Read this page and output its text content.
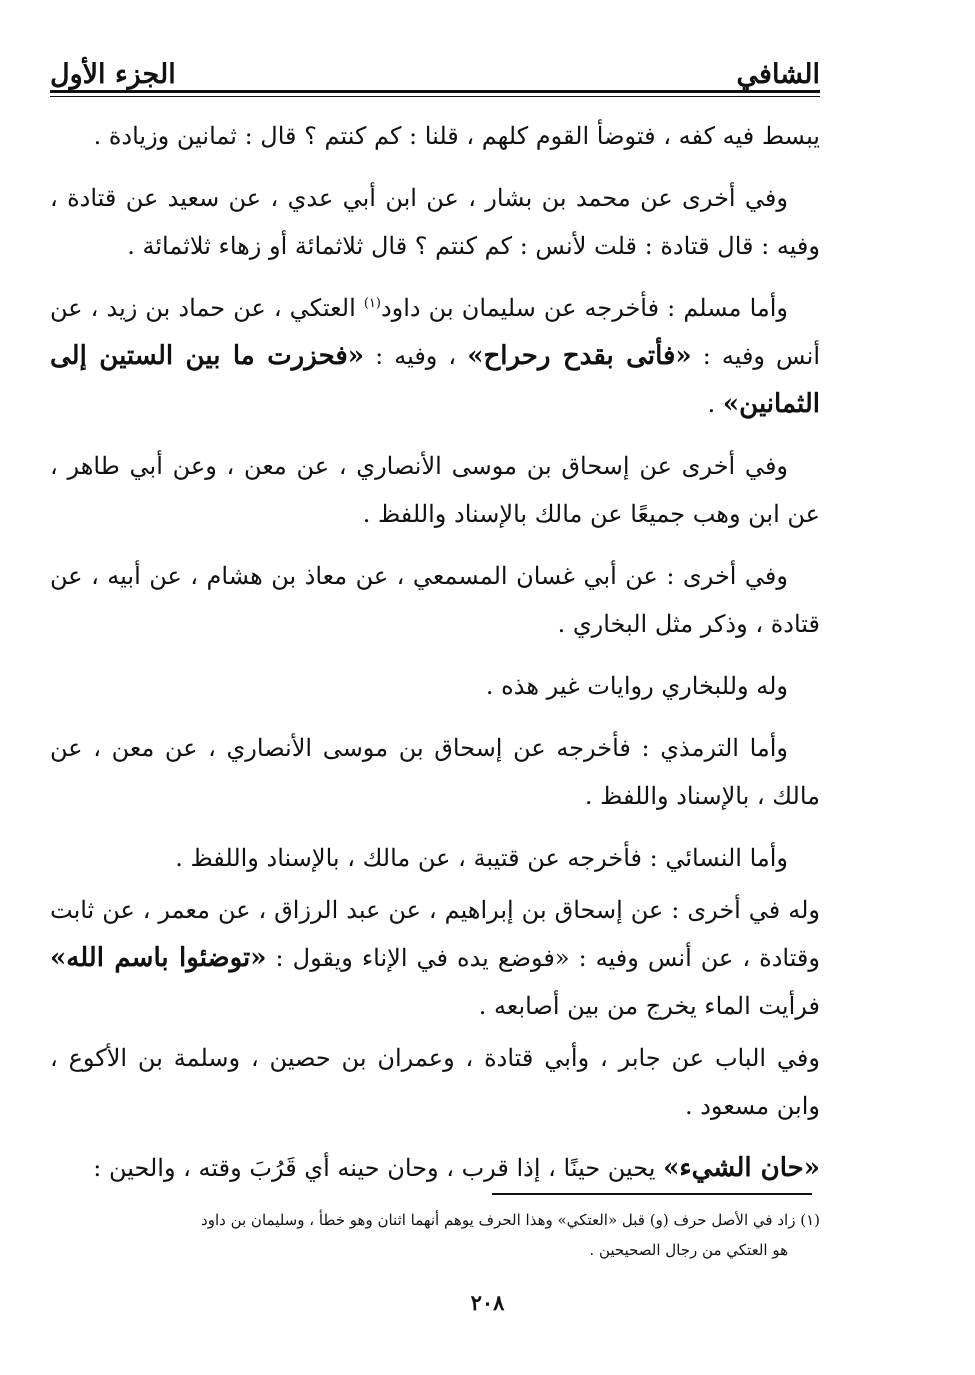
الشافي
الجزء الأول

يبسط فيه كفه ، فتوضأ القوم كلهم ، قلنا : كم كنتم ؟ قال : ثمانين وزيادة .

وفي أخرى عن محمد بن بشار ، عن ابن أبي عدي ، عن سعيد عن قتادة ، وفيه : قال قتادة : قلت لأنس : كم كنتم ؟ قال ثلاثمائة أو زهاء ثلاثمائة .

وأما مسلم : فأخرجه عن سليمان بن داود$^{(١)}$ العتكي ، عن حماد بن زيد ، عن أنس وفيه : «فأتى بقدح رحراح» ، وفيه : «فحزرت ما بين الستين إلى الثمانين» .

وفي أخرى عن إسحاق بن موسى الأنصاري ، عن معن ، وعن أبي طاهر ، عن ابن وهب جميعًا عن مالك بالإسناد واللفظ .

وفي أخرى : عن أبي غسان المسمعي ، عن معاذ بن هشام ، عن أبيه ، عن قتادة ، وذكر مثل البخاري .

وله وللبخاري روايات غير هذه .

وأما الترمذي : فأخرجه عن إسحاق بن موسى الأنصاري ، عن معن ، عن مالك ، بالإسناد واللفظ .

وأما النسائي : فأخرجه عن قتيبة ، عن مالك ، بالإسناد واللفظ .

وله في أخرى : عن إسحاق بن إبراهيم ، عن عبد الرزاق ، عن معمر ، عن ثابت وقتادة ، عن أنس وفيه : «فوضع يده في الإناء ويقول : «توضئوا باسم الله» فرأيت الماء يخرج من بين أصابعه .

وفي الباب عن جابر ، وأبي قتادة ، وعمران بن حصين ، وسلمة بن الأكوع ، وابن مسعود .

«حان الشيء» يحين حينًا ، إذا قرب ، وحان حينه أي قَرُبَ وقته ، والحين :

(١) زاد في الأصل حرف (و) قبل «العتكي» وهذا الحرف يوهم أنهما اثنان وهو خطأ ، وسليمان بن داود
هو العتكي من رجال الصحيحين .
٢٠٨
